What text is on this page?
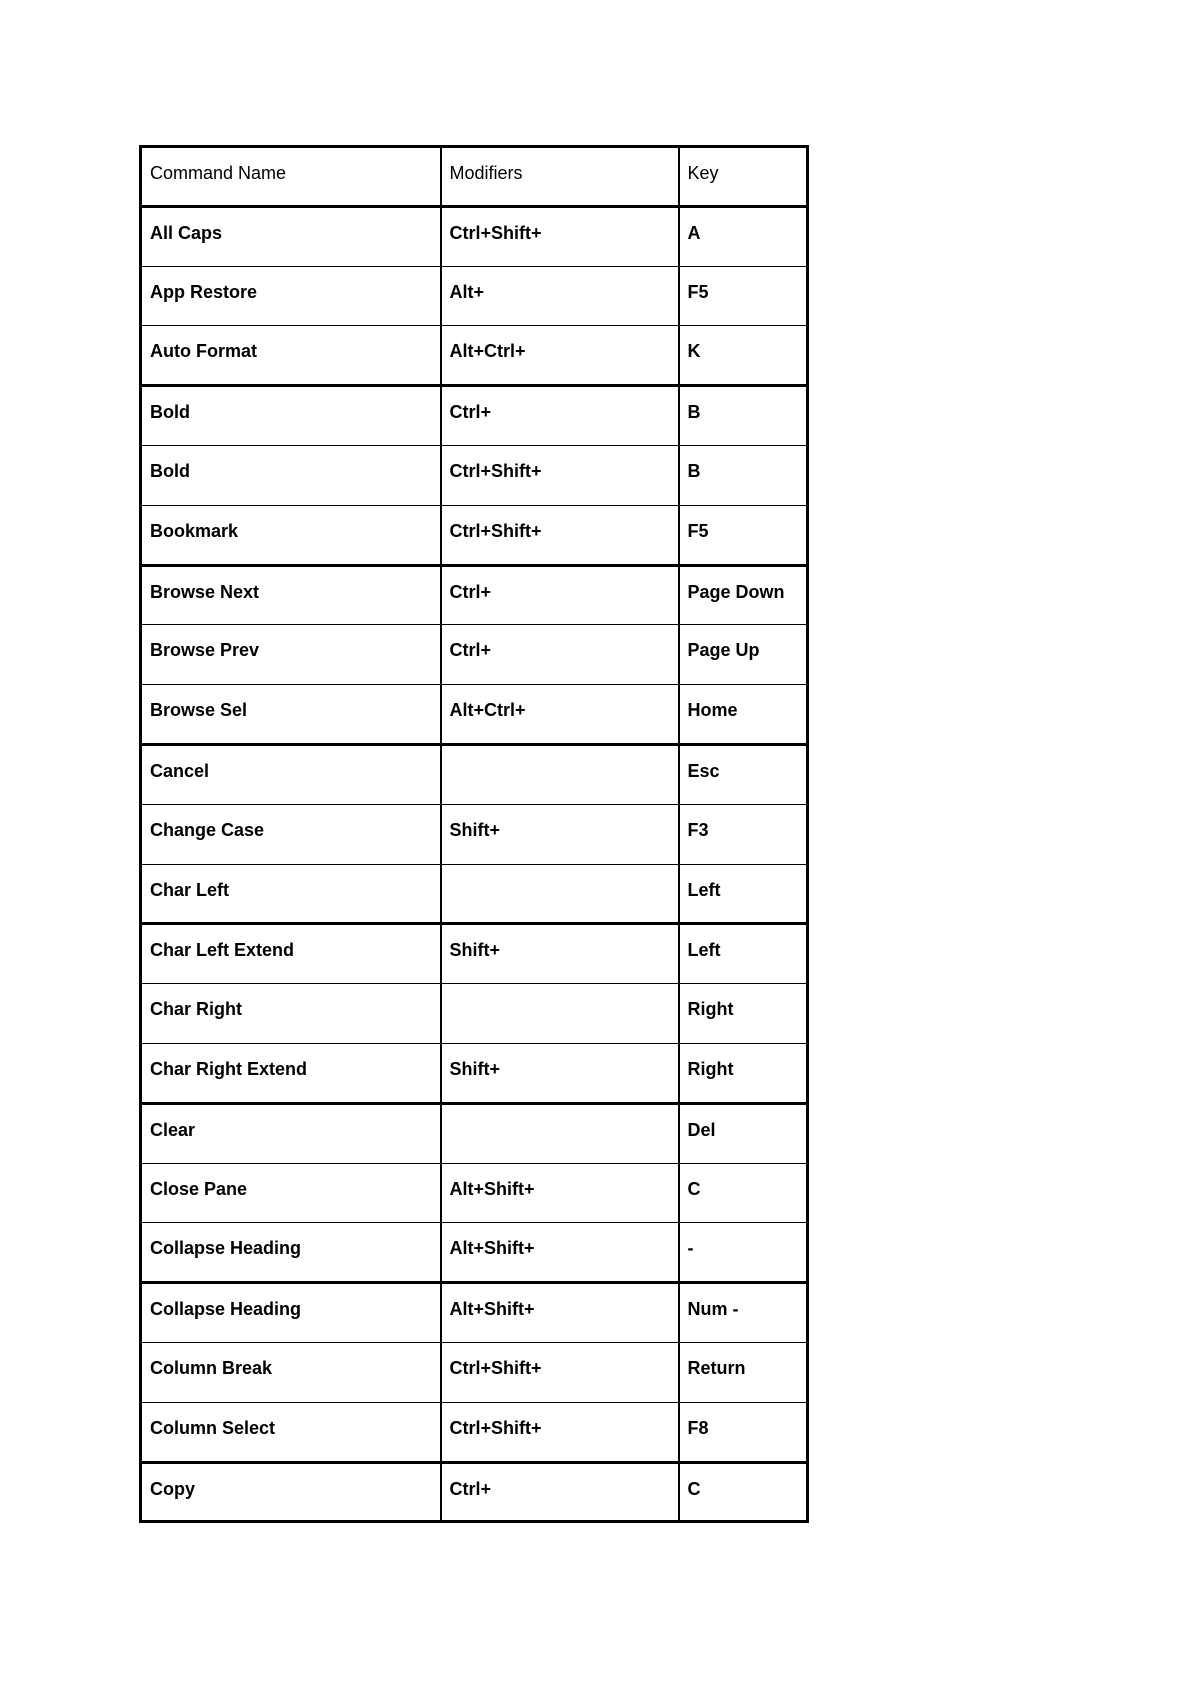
Command Name	Modifiers	Key

All Caps	Ctrl+Shift+	A

App Restore	Alt+	F5

Auto Format	Alt+Ctrl+	K

Bold	Ctrl+	B

Bold	Ctrl+Shift+	B

Bookmark	Ctrl+Shift+	F5

Browse Next	Ctrl+	Page Down

Browse Prev	Ctrl+	Page Up

Browse Sel	Alt+Ctrl+	Home

Cancel		Esc

Change Case	Shift+	F3

Char Left		Left

Char Left Extend	Shift+	Left

Char Right		Right

Char Right Extend	Shift+	Right

Clear		Del

Close Pane	Alt+Shift+	C

Collapse Heading	Alt+Shift+	-

Collapse Heading	Alt+Shift+	Num -

Column Break	Ctrl+Shift+	Return

Column Select	Ctrl+Shift+	F8

Copy	Ctrl+	C
